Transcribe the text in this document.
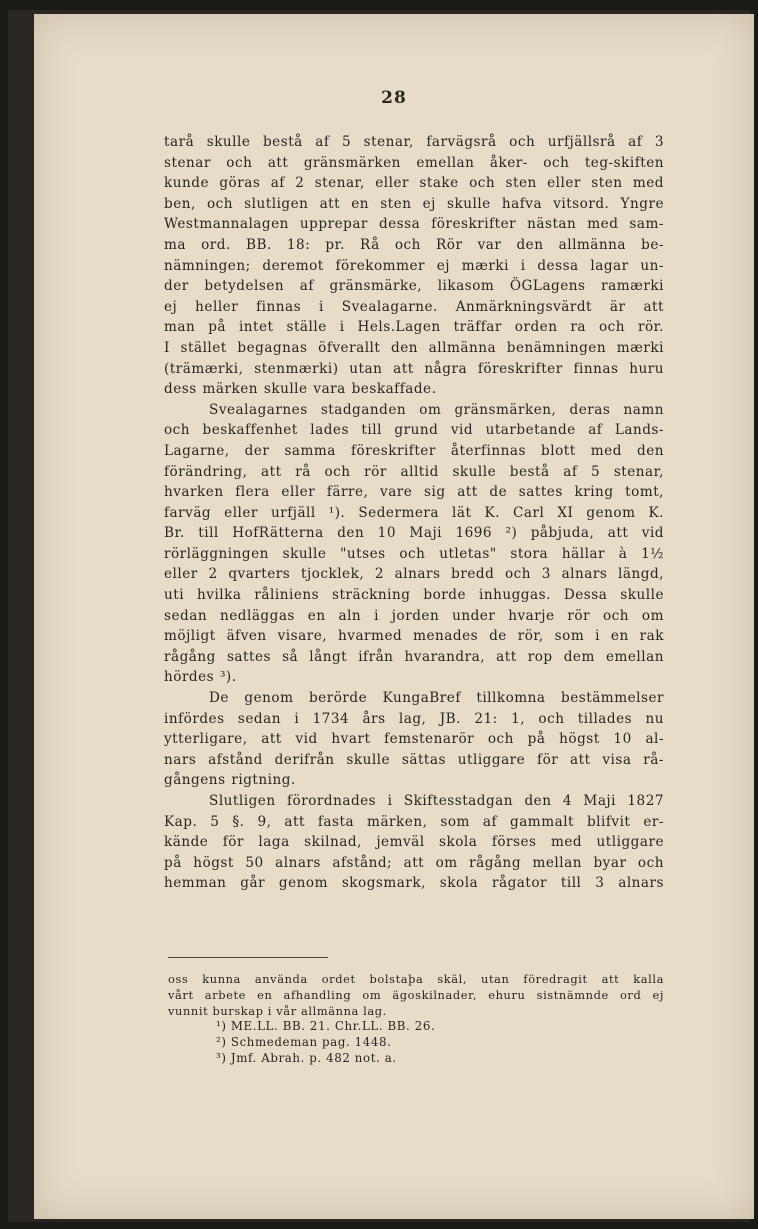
28
tarå skulle bestå af 5 stenar, farvägsrå och urfjällsrå af 3
stenar och att gränsmärken emellan åker- och teg-skiften
kunde göras af 2 stenar, eller stake och sten eller sten med
ben, och slutligen att en sten ej skulle hafva vitsord. Yngre
Westmannalagen upprepar dessa föreskrifter nästan med sam-
ma ord. BB. 18: pr. Rå och Rör var den allmänna be-
nämningen; deremot förekommer ej mærki i dessa lagar un-
der betydelsen af gränsmärke, likasom ÖGLagens ramærki
ej heller finnas i Svealagarne. Anmärkningsvärdt är att
man på intet ställe i Hels.Lagen träffar orden ra och rör.
I stället begagnas öfverallt den allmänna benämningen mærki
(trämærki, stenmærki) utan att några föreskrifter finnas huru
dess märken skulle vara beskaffade.
Svealagarnes stadganden om gränsmärken, deras namn
och beskaffenhet lades till grund vid utarbetande af Lands-
Lagarne, der samma föreskrifter återfinnas blott med den
förändring, att rå och rör alltid skulle bestå af 5 stenar,
hvarken flera eller färre, vare sig att de sattes kring tomt,
farväg eller urfjäll ¹). Sedermera lät K. Carl XI genom K.
Br. till HofRätterna den 10 Maji 1696 ²) påbjuda, att vid
rörläggningen skulle "utses och utletas" stora hällar à 1½
eller 2 qvarters tjocklek, 2 alnars bredd och 3 alnars längd,
uti hvilka råliniens sträckning borde inhuggas. Dessa skulle
sedan nedläggas en aln i jorden under hvarje rör och om
möjligt äfven visare, hvarmed menades de rör, som i en rak
rågång sattes så långt ifrån hvarandra, att rop dem emellan
hördes ³).
De genom berörde KungaBref tillkomna bestämmelser
infördes sedan i 1734 års lag, JB. 21: 1, och tillades nu
ytterligare, att vid hvart femstenarör och på högst 10 al-
nars afstånd derifrån skulle sättas utliggare för att visa rå-
gångens rigtning.
Slutligen förordnades i Skiftesstadgan den 4 Maji 1827
Kap. 5 §. 9, att fasta märken, som af gammalt blifvit er-
kände för laga skilnad, jemväl skola förses med utliggare
på högst 50 alnars afstånd; att om rågång mellan byar och
hemman går genom skogsmark, skola rågator till 3 alnars
oss kunna använda ordet bolstaþa skäl, utan föredragit att kalla
vårt arbete en afhandling om ägoskilnader, ehuru sistnämnde ord ej
vunnit burskap i vår allmänna lag.
¹) ME.LL. BB. 21. Chr.LL. BB. 26.
²) Schmedeman pag. 1448.
³) Jmf. Abrah. p. 482 not. a.
